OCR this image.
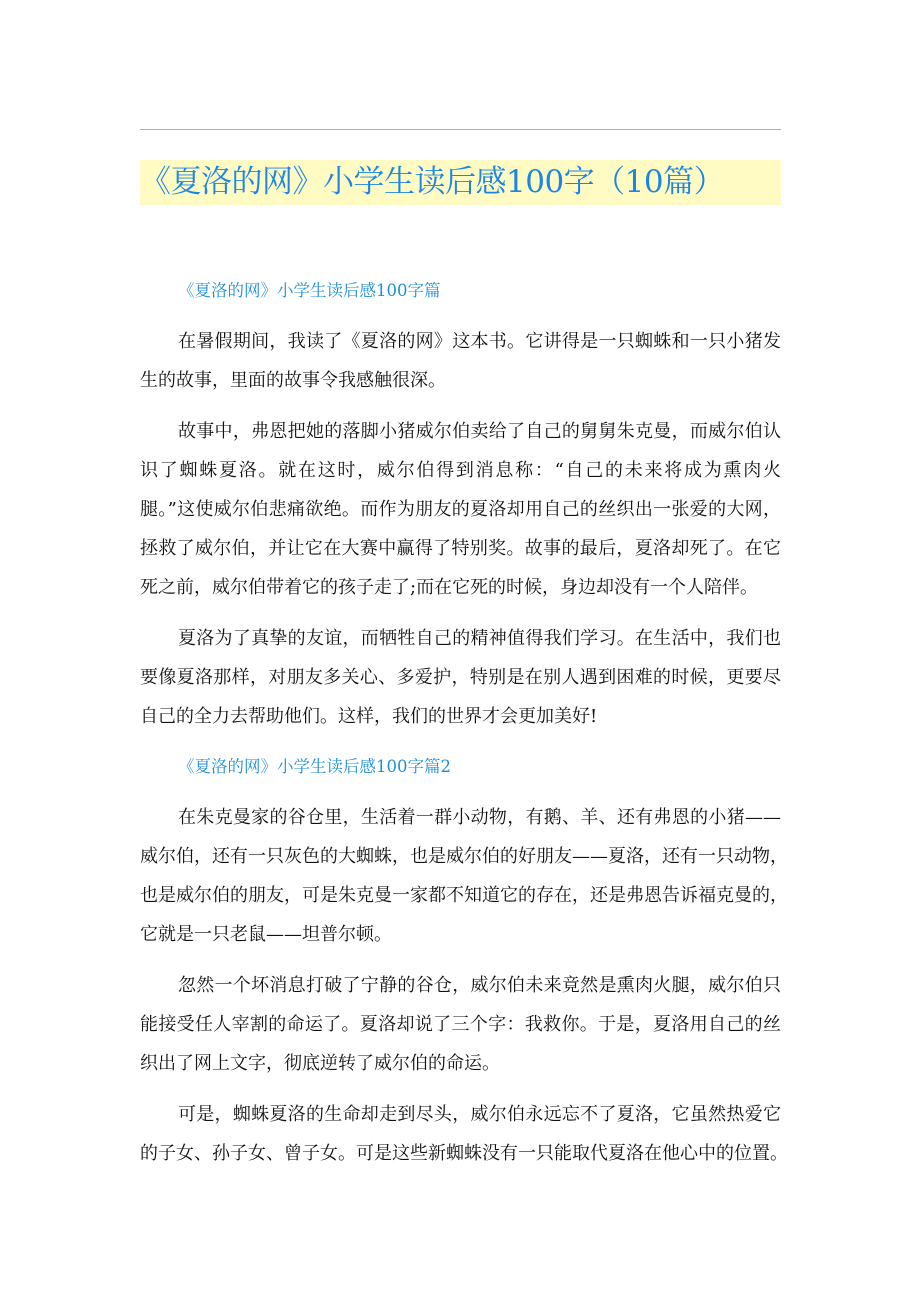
《夏洛的网》小学生读后感100字（10篇）
《夏洛的网》小学生读后感100字篇
在暑假期间，我读了《夏洛的网》这本书。它讲得是一只蜘蛛和一只小猪发
生的故事，里面的故事令我感触很深。
故事中，弗恩把她的落脚小猪威尔伯卖给了自己的舅舅朱克曼，而威尔伯认
识了蜘蛛夏洛。就在这时，威尔伯得到消息称：“自己的未来将成为熏肉火
腿。”这使威尔伯悲痛欲绝。而作为朋友的夏洛却用自己的丝织出一张爱的大网，
拯救了威尔伯，并让它在大赛中赢得了特别奖。故事的最后，夏洛却死了。在它
死之前，威尔伯带着它的孩子走了;而在它死的时候，身边却没有一个人陪伴。
夏洛为了真挚的友谊，而牺牲自己的精神值得我们学习。在生活中，我们也
要像夏洛那样，对朋友多关心、多爱护，特别是在别人遇到困难的时候，更要尽
自己的全力去帮助他们。这样，我们的世界才会更加美好!
《夏洛的网》小学生读后感100字篇2
在朱克曼家的谷仓里，生活着一群小动物，有鹅、羊、还有弗恩的小猪——
威尔伯，还有一只灰色的大蜘蛛，也是威尔伯的好朋友——夏洛，还有一只动物，
也是威尔伯的朋友，可是朱克曼一家都不知道它的存在，还是弗恩告诉福克曼的，
它就是一只老鼠——坦普尔顿。
忽然一个坏消息打破了宁静的谷仓，威尔伯未来竟然是熏肉火腿，威尔伯只
能接受任人宰割的命运了。夏洛却说了三个字：我救你。于是，夏洛用自己的丝
织出了网上文字，彻底逆转了威尔伯的命运。
可是，蜘蛛夏洛的生命却走到尽头，威尔伯永远忘不了夏洛，它虽然热爱它
的子女、孙子女、曾子女。可是这些新蜘蛛没有一只能取代夏洛在他心中的位置。
